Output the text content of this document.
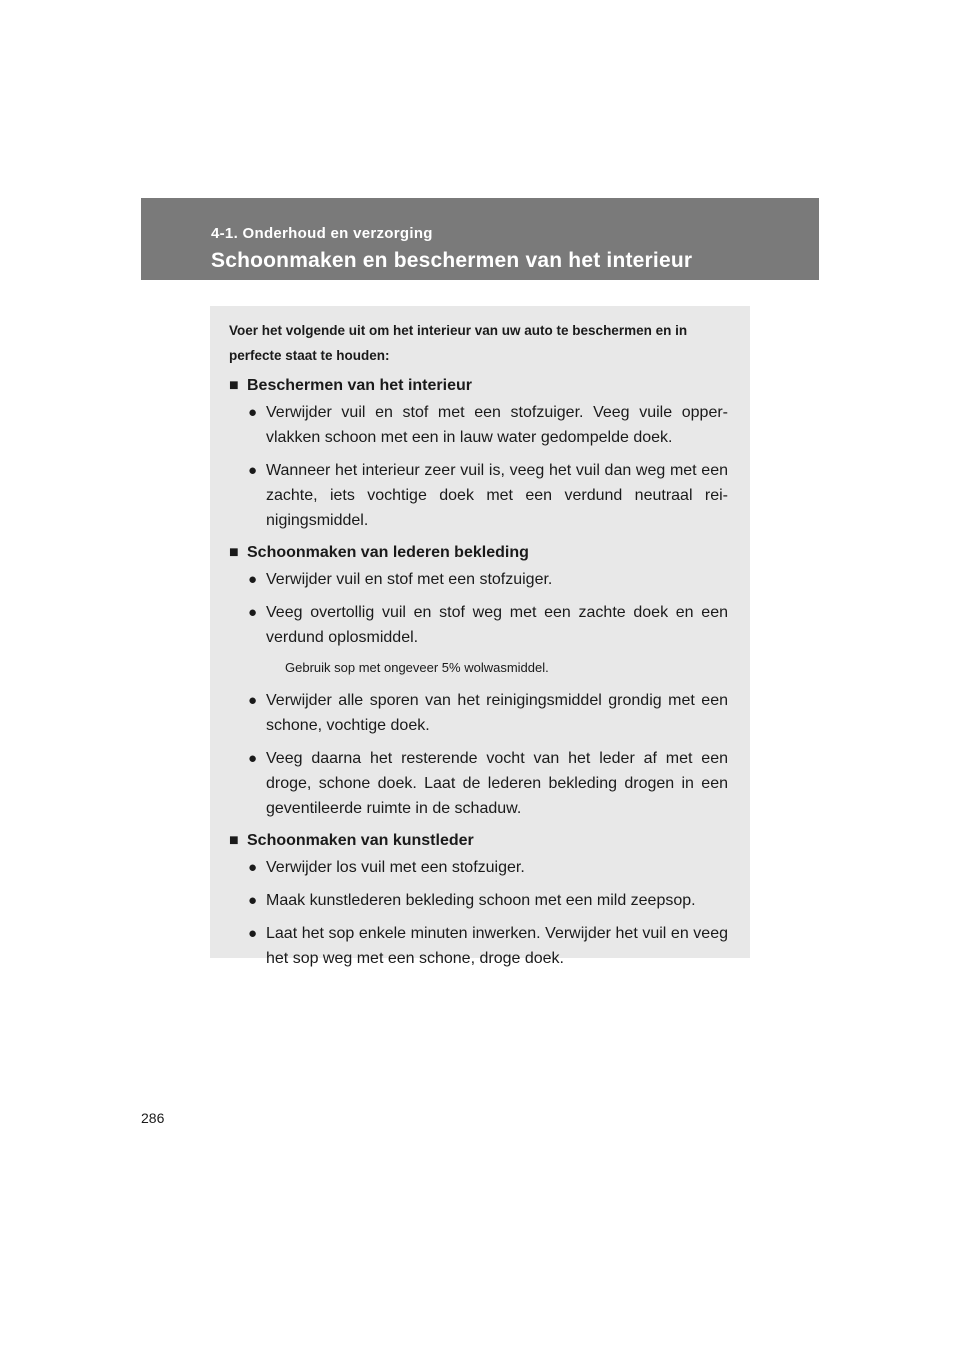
4-1. Onderhoud en verzorging
Schoonmaken en beschermen van het interieur

Voer het volgende uit om het interieur van uw auto te beschermen en in perfecte staat te houden:

■ Beschermen van het interieur
● Verwijder vuil en stof met een stofzuiger. Veeg vuile opper-vlakken schoon met een in lauw water gedompelde doek.
● Wanneer het interieur zeer vuil is, veeg het vuil dan weg met een zachte, iets vochtige doek met een verdund neutraal rei-nigingsmiddel.
■ Schoonmaken van lederen bekleding
● Verwijder vuil en stof met een stofzuiger.
● Veeg overtollig vuil en stof weg met een zachte doek en een verdund oplosmiddel.
Gebruik sop met ongeveer 5% wolwasmiddel.
● Verwijder alle sporen van het reinigingsmiddel grondig met een schone, vochtige doek.
● Veeg daarna het resterende vocht van het leder af met een droge, schone doek. Laat de lederen bekleding drogen in een geventileerde ruimte in de schaduw.
■ Schoonmaken van kunstleder
● Verwijder los vuil met een stofzuiger.
● Maak kunstlederen bekleding schoon met een mild zeepsop.
● Laat het sop enkele minuten inwerken. Verwijder het vuil en veeg het sop weg met een schone, droge doek.
286
